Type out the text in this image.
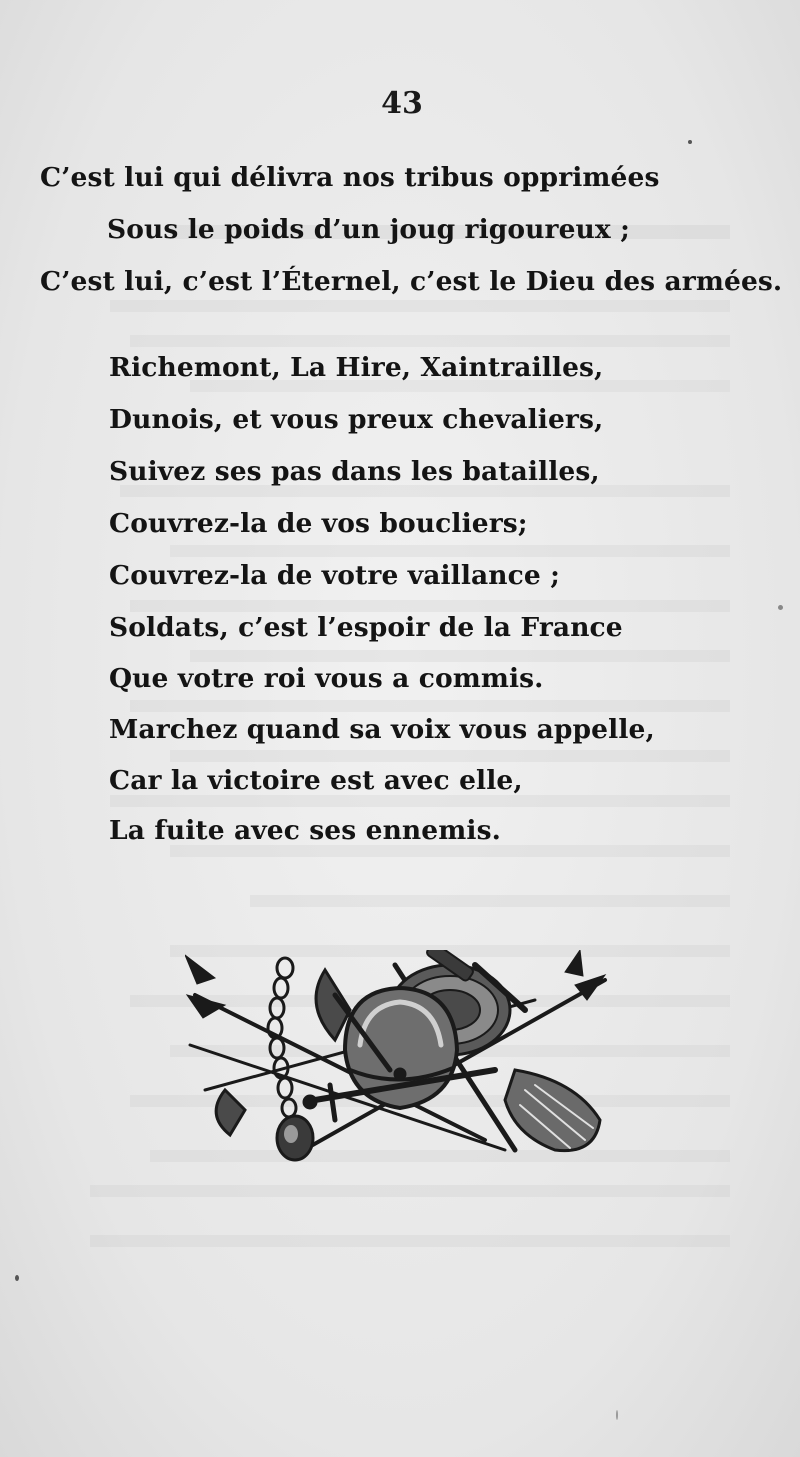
43
C’est lui qui délivra nos tribus opprimées
Sous le poids d’un joug rigoureux ;
C’est lui, c’est l’Éternel, c’est le Dieu des armées.
Richemont, La Hire, Xaintrailles,
Dunois, et vous preux chevaliers,
Suivez ses pas dans les batailles,
Couvrez-la de vos boucliers;
Couvrez-la de votre vaillance ;
Soldats, c’est l’espoir de la France
Que votre roi vous a commis.
Marchez quand sa voix vous appelle,
Car la victoire est avec elle,
La fuite avec ses ennemis.
